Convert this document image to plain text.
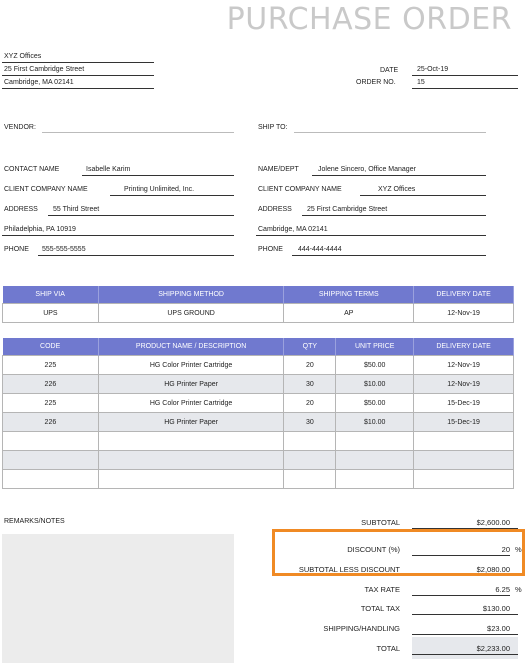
PURCHASE ORDER
XYZ Offices
25 First Cambridge Street
Cambridge, MA 02141
DATE	25-Oct-19
ORDER NO.	15
VENDOR:
CONTACT NAME	Isabelle Karim
CLIENT COMPANY NAME	Printing Unlimited, Inc.
ADDRESS 55 Third Street
Philadelphia, PA 10919
PHONE 555-555-5555
SHIP TO:
NAME/DEPT	Jolene Sincero, Office Manager
CLIENT COMPANY NAME	XYZ Offices
ADDRESS 25 First Cambridge Street
Cambridge, MA 02141
PHONE 444-444-4444
SHIP VIA	SHIPPING METHOD	SHIPPING TERMS	DELIVERY DATE
UPS	UPS GROUND	AP	12-Nov-19
CODE	PRODUCT NAME / DESCRIPTION	QTY	UNIT PRICE	DELIVERY DATE
225	HG Color Printer Cartridge	20	$50.00	12-Nov-19
226	HG Printer Paper	30	$10.00	12-Nov-19
225	HG Color Printer Cartridge	20	$50.00	15-Dec-19
226	HG Printer Paper	30	$10.00	15-Dec-19

REMARKS/NOTES	SUBTOTAL	$2,600.00
DISCOUNT (%)	20 %
SUBTOTAL LESS DISCOUNT	$2,080.00
TAX RATE	6.25 %
TOTAL TAX	$130.00
SHIPPING/HANDLING	$23.00
TOTAL	$2,233.00
